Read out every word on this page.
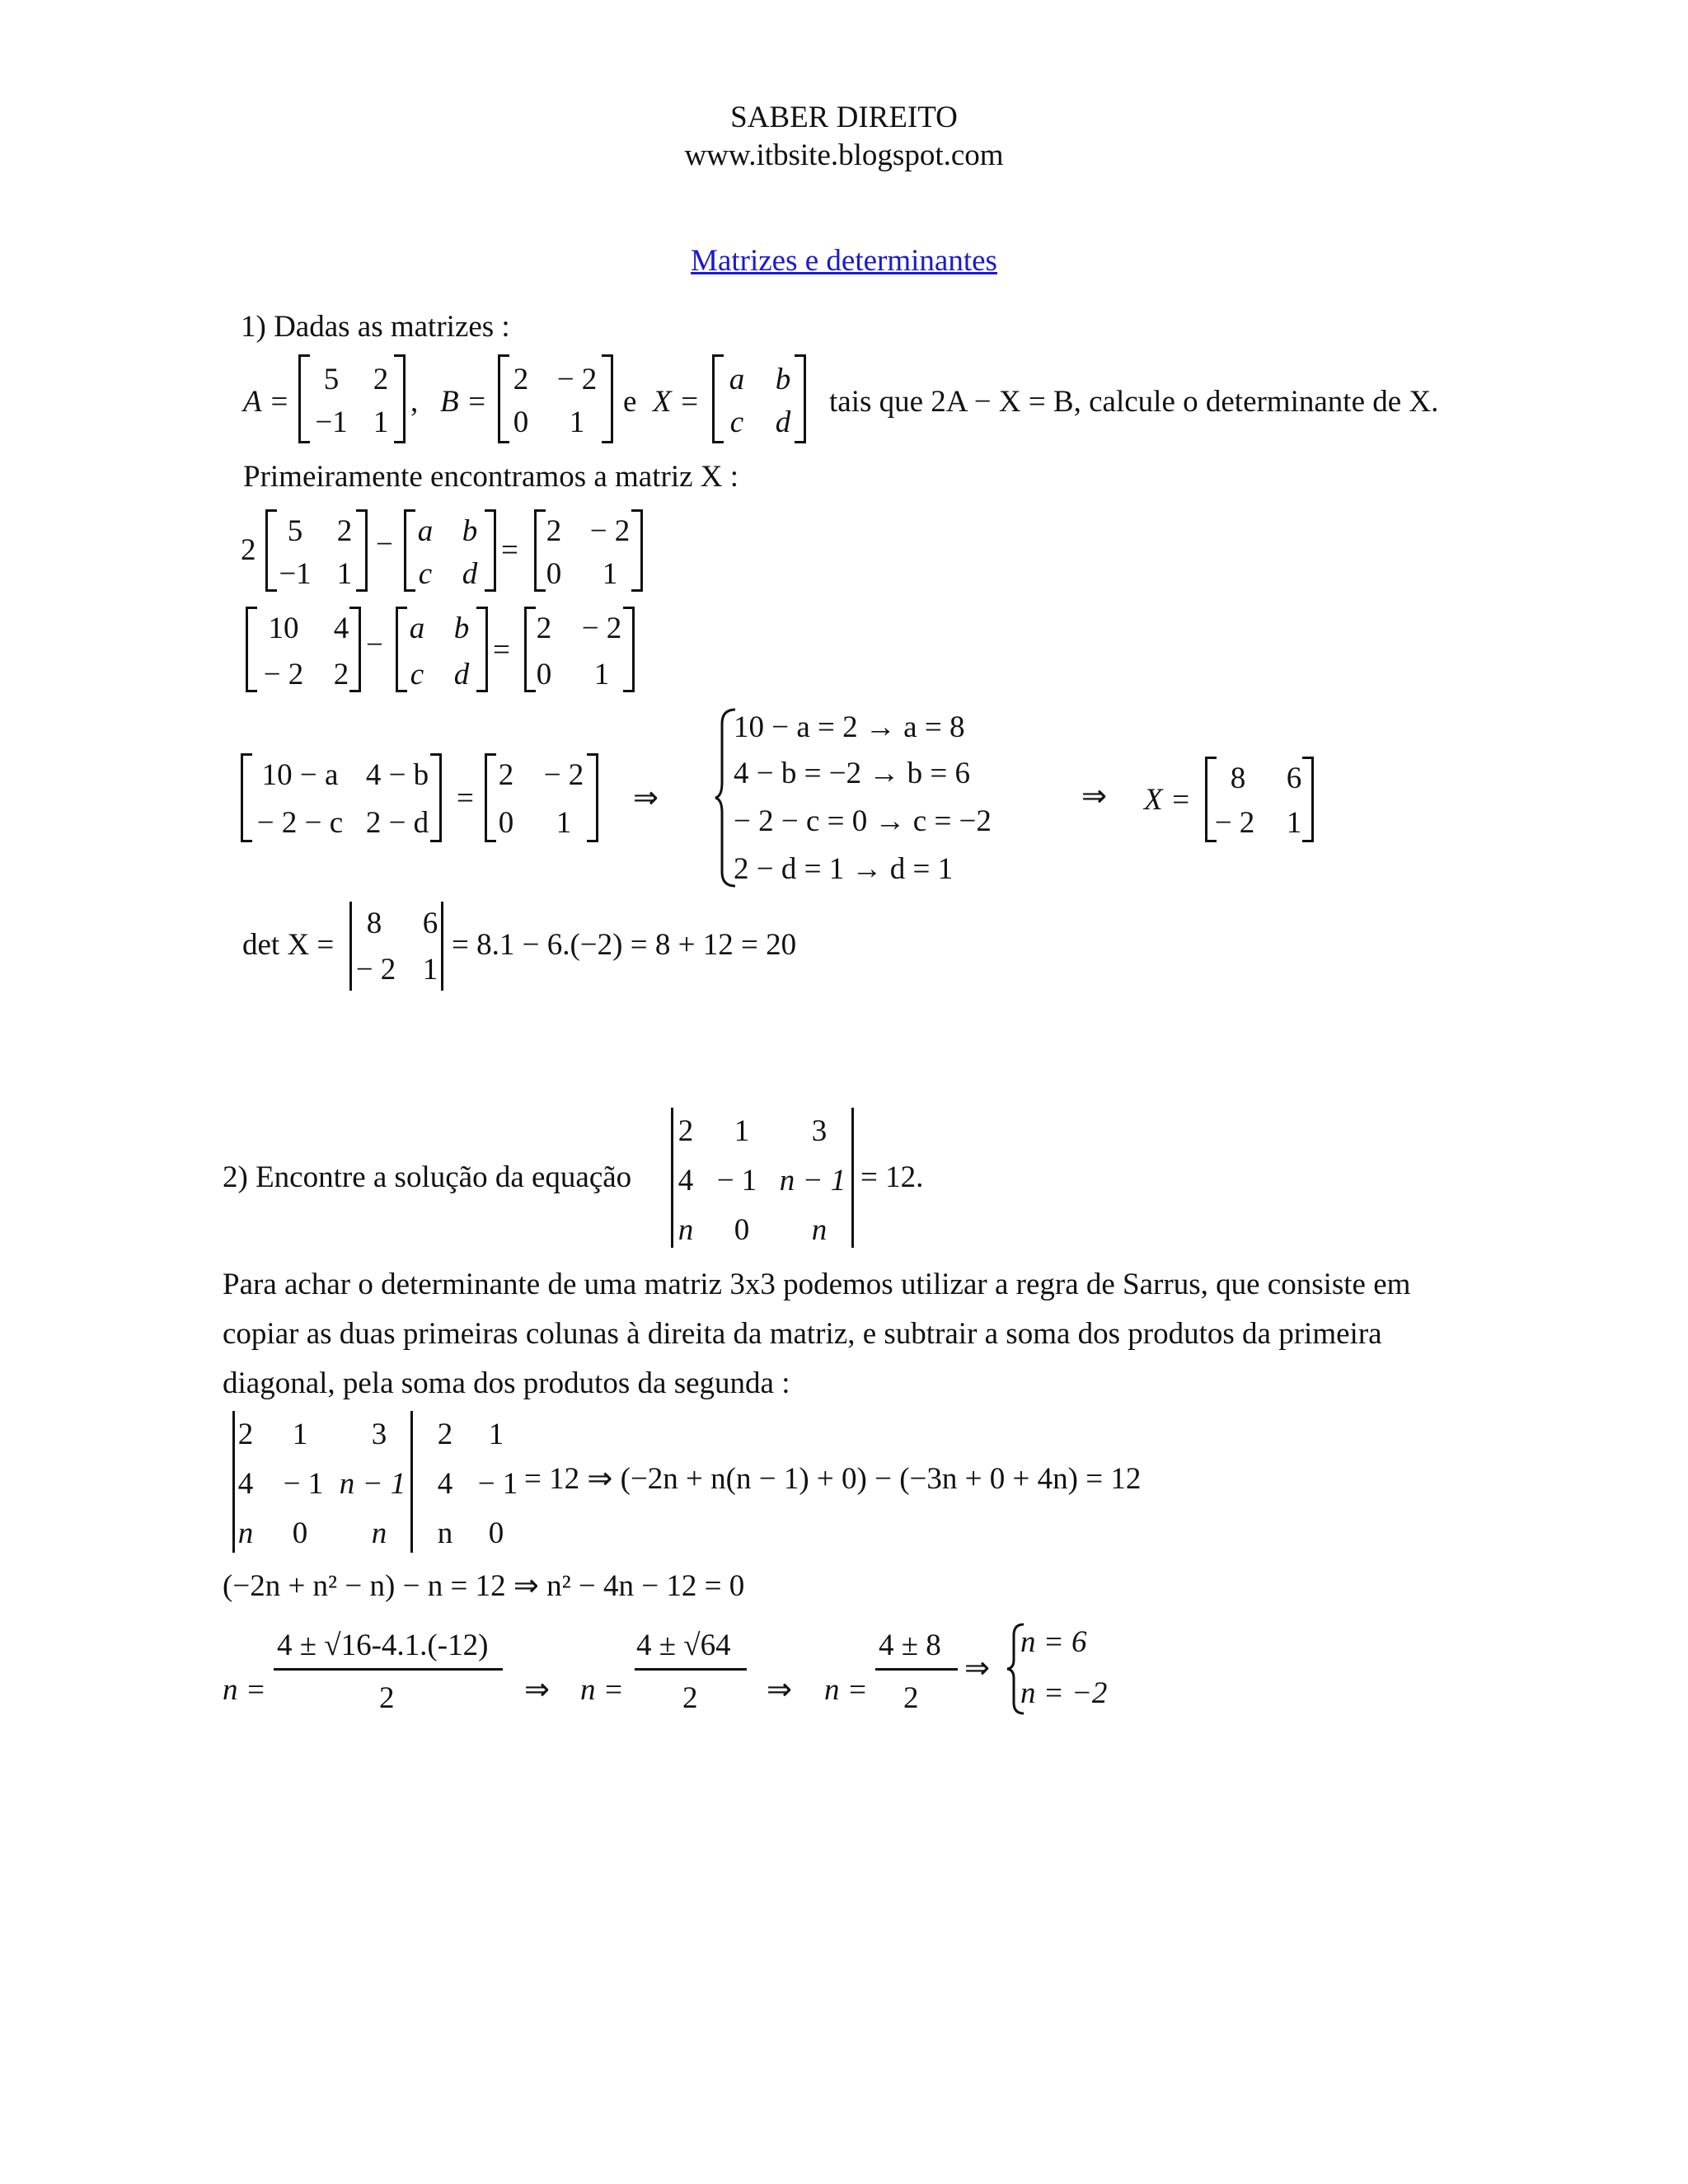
SABER DIREITO
www.itbsite.blogspot.com
Matrizes e determinantes
1) Dadas as matrizes :
A =
5 2
−1 1
, B =
2 − 2
0 1
e X =
a b
c d
tais que 2A − X = B, calcule o determinante de X.
Primeiramente encontramos a matriz X :
2
5 2
−1 1
− a b
c d
=
2 − 2
0 1
10 4
− 2 2
− a b
c d
=
2 − 2
0 1
10 − a 4 − b
− 2 − c 2 − d
=
2 − 2
0 1
⇒
10 − a = 2 → a = 8
4 − b = −2 → b = 6
− 2 − c = 0 → c = −2
2 − d = 1 → d = 1
⇒ X =
8 6
− 2 1
det X =
8 6
− 2 1
= 8.1 − 6.(−2) = 8 + 12 = 20
2) Encontre a solução da equação
2 1 3
4 − 1 n − 1
n 0 n
= 12.
Para achar o determinante de uma matriz 3x3 podemos utilizar a regra de Sarrus, que consiste em
copiar as duas primeiras colunas à direita da matriz, e subtrair a soma dos produtos da primeira
diagonal, pela soma dos produtos da segunda :
2 1 3
4 − 1 n − 1
n 0 n
2 1
4 − 1
n 0
= 12 ⇒ (−2n + n(n − 1) + 0) − (−3n + 0 + 4n) = 12
(−2n + n² − n) − n = 12 ⇒ n² − 4n − 12 = 0
n =
4 ± √16-4.1.(-12)
2	⇒ n =
4 ± √64
2 ⇒ n =
4 ± 8
2
⇒
n = 6
n = −2
